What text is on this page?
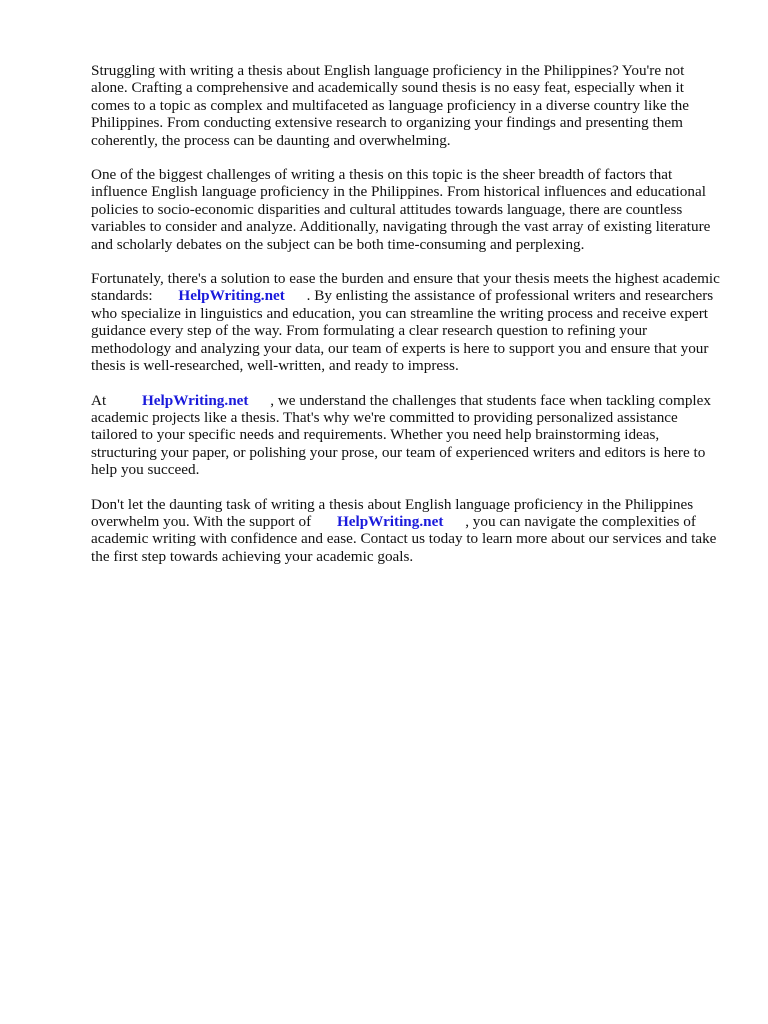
Struggling with writing a thesis about English language proficiency in the Philippines? You're not alone. Crafting a comprehensive and academically sound thesis is no easy feat, especially when it comes to a topic as complex and multifaceted as language proficiency in a diverse country like the Philippines. From conducting extensive research to organizing your findings and presenting them coherently, the process can be daunting and overwhelming.

One of the biggest challenges of writing a thesis on this topic is the sheer breadth of factors that influence English language proficiency in the Philippines. From historical influences and educational policies to socio-economic disparities and cultural attitudes towards language, there are countless variables to consider and analyze. Additionally, navigating through the vast array of existing literature and scholarly debates on the subject can be both time-consuming and perplexing.

Fortunately, there's a solution to ease the burden and ensure that your thesis meets the highest academic standards: HelpWriting.net . By enlisting the assistance of professional writers and researchers who specialize in linguistics and education, you can streamline the writing process and receive expert guidance every step of the way. From formulating a clear research question to refining your methodology and analyzing your data, our team of experts is here to support you and ensure that your thesis is well-researched, well-written, and ready to impress.

At HelpWriting.net , we understand the challenges that students face when tackling complex academic projects like a thesis. That's why we're committed to providing personalized assistance tailored to your specific needs and requirements. Whether you need help brainstorming ideas, structuring your paper, or polishing your prose, our team of experienced writers and editors is here to help you succeed.

Don't let the daunting task of writing a thesis about English language proficiency in the Philippines overwhelm you. With the support of HelpWriting.net , you can navigate the complexities of academic writing with confidence and ease. Contact us today to learn more about our services and take the first step towards achieving your academic goals.
